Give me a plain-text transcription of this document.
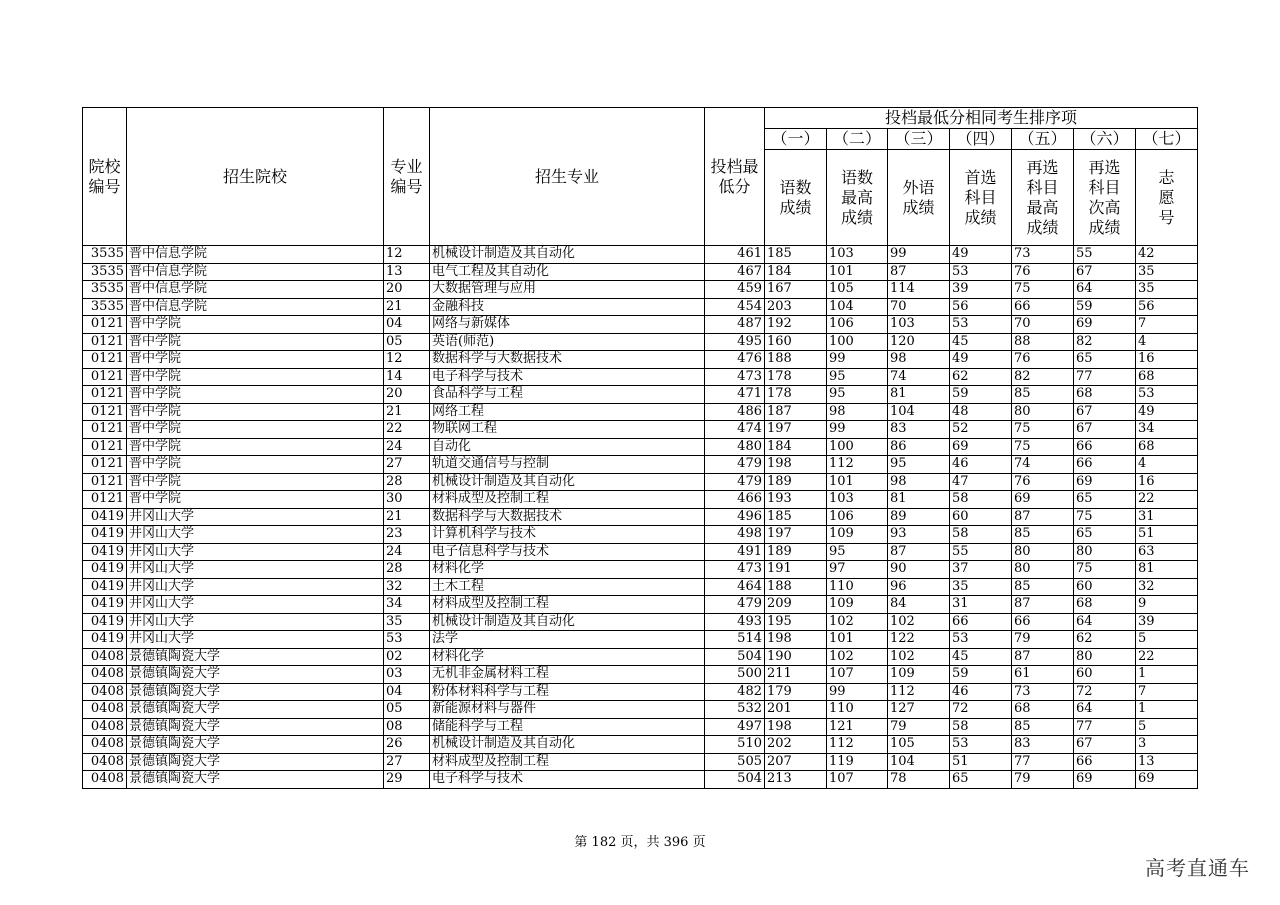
院校编号	招生院校	专业编号	招生专业	投档最低分	投档最低分相同考生排序项						
					（一）	（二）	（三）	（四）	（五）	（六）	（七）
					语数成绩	语数最高成绩	外语成绩	首选科目成绩	再选科目最高成绩	再选科目次高成绩	志愿号
3535	晋中信息学院	12	机械设计制造及其自动化	461	185	103	99	49	73	55	42
3535	晋中信息学院	13	电气工程及其自动化	467	184	101	87	53	76	67	35
3535	晋中信息学院	20	大数据管理与应用	459	167	105	114	39	75	64	35
3535	晋中信息学院	21	金融科技	454	203	104	70	56	66	59	56
0121	晋中学院	04	网络与新媒体	487	192	106	103	53	70	69	7
0121	晋中学院	05	英语(师范)	495	160	100	120	45	88	82	4
0121	晋中学院	12	数据科学与大数据技术	476	188	99	98	49	76	65	16
0121	晋中学院	14	电子科学与技术	473	178	95	74	62	82	77	68
0121	晋中学院	20	食品科学与工程	471	178	95	81	59	85	68	53
0121	晋中学院	21	网络工程	486	187	98	104	48	80	67	49
0121	晋中学院	22	物联网工程	474	197	99	83	52	75	67	34
0121	晋中学院	24	自动化	480	184	100	86	69	75	66	68
0121	晋中学院	27	轨道交通信号与控制	479	198	112	95	46	74	66	4
0121	晋中学院	28	机械设计制造及其自动化	479	189	101	98	47	76	69	16
0121	晋中学院	30	材料成型及控制工程	466	193	103	81	58	69	65	22
0419	井冈山大学	21	数据科学与大数据技术	496	185	106	89	60	87	75	31
0419	井冈山大学	23	计算机科学与技术	498	197	109	93	58	85	65	51
0419	井冈山大学	24	电子信息科学与技术	491	189	95	87	55	80	80	63
0419	井冈山大学	28	材料化学	473	191	97	90	37	80	75	81
0419	井冈山大学	32	土木工程	464	188	110	96	35	85	60	32
0419	井冈山大学	34	材料成型及控制工程	479	209	109	84	31	87	68	9
0419	井冈山大学	35	机械设计制造及其自动化	493	195	102	102	66	66	64	39
0419	井冈山大学	53	法学	514	198	101	122	53	79	62	5
0408	景德镇陶瓷大学	02	材料化学	504	190	102	102	45	87	80	22
0408	景德镇陶瓷大学	03	无机非金属材料工程	500	211	107	109	59	61	60	1
0408	景德镇陶瓷大学	04	粉体材料科学与工程	482	179	99	112	46	73	72	7
0408	景德镇陶瓷大学	05	新能源材料与器件	532	201	110	127	72	68	64	1
0408	景德镇陶瓷大学	08	储能科学与工程	497	198	121	79	58	85	77	5
0408	景德镇陶瓷大学	26	机械设计制造及其自动化	510	202	112	105	53	83	67	3
0408	景德镇陶瓷大学	27	材料成型及控制工程	505	207	119	104	51	77	66	13
0408	景德镇陶瓷大学	29	电子科学与技术	504	213	107	78	65	79	69	69
第 182 页，共 396 页
高考直通车
